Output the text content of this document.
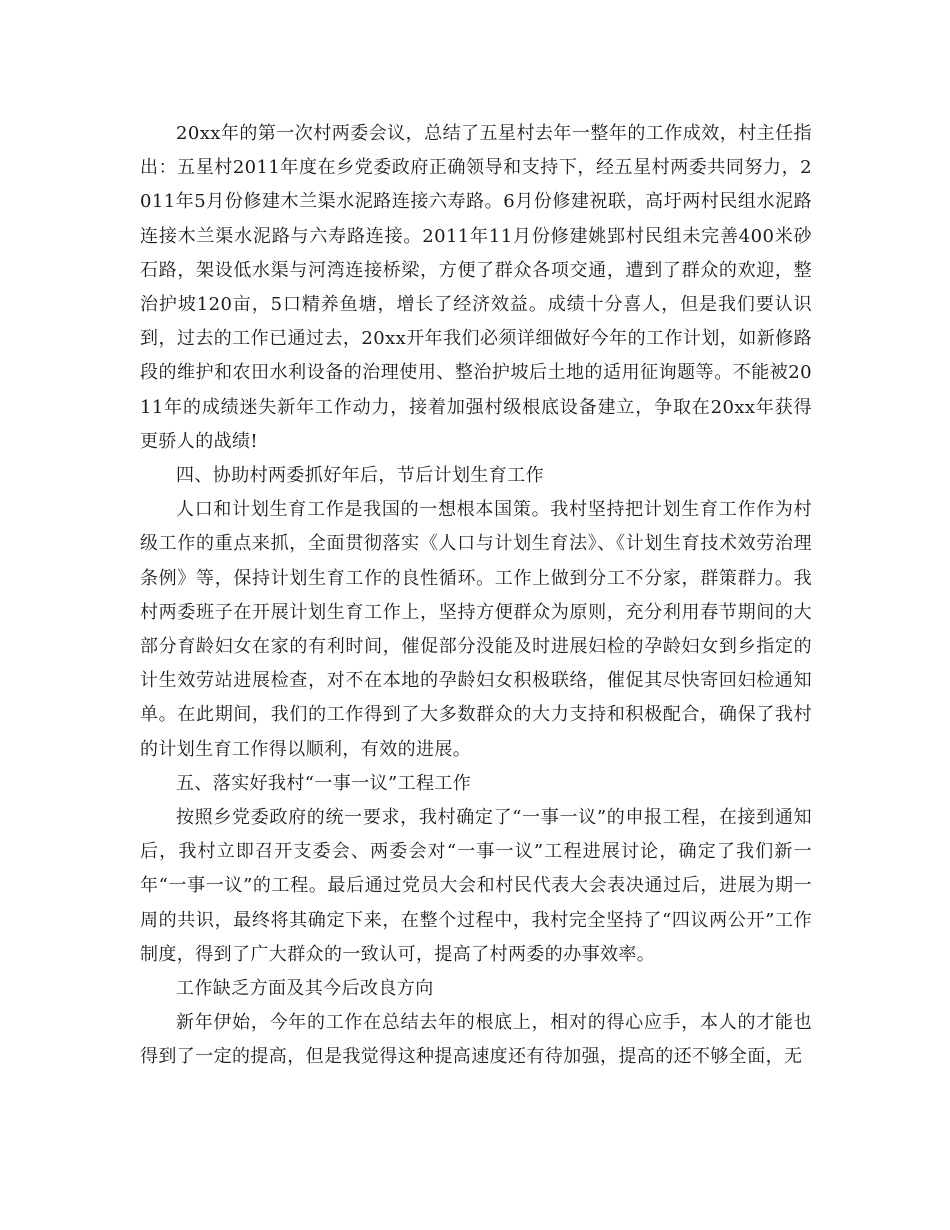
20xx年的第一次村两委会议，总结了五星村去年一整年的工作成效，村主任指出：五星村2011年度在乡党委政府正确领导和支持下，经五星村两委共同努力，2011年5月份修建木兰渠水泥路连接六寿路。6月份修建祝联，高圩两村民组水泥路连接木兰渠水泥路与六寿路连接。2011年11月份修建姚郢村民组未完善400米砂石路，架设低水渠与河湾连接桥梁，方便了群众各项交通，遭到了群众的欢迎，整治护坡120亩，5口精养鱼塘，增长了经济效益。成绩十分喜人，但是我们要认识到，过去的工作已通过去，20xx开年我们必须详细做好今年的工作计划，如新修路段的维护和农田水利设备的治理使用、整治护坡后土地的适用征询题等。不能被2011年的成绩迷失新年工作动力，接着加强村级根底设备建立，争取在20xx年获得更骄人的战绩!

四、协助村两委抓好年后，节后计划生育工作

人口和计划生育工作是我国的一想根本国策。我村坚持把计划生育工作作为村级工作的重点来抓，全面贯彻落实《人口与计划生育法》、《计划生育技术效劳治理条例》等，保持计划生育工作的良性循环。工作上做到分工不分家，群策群力。我村两委班子在开展计划生育工作上，坚持方便群众为原则，充分利用春节期间的大部分育龄妇女在家的有利时间，催促部分没能及时进展妇检的孕龄妇女到乡指定的计生效劳站进展检查，对不在本地的孕龄妇女积极联络，催促其尽快寄回妇检通知单。在此期间，我们的工作得到了大多数群众的大力支持和积极配合，确保了我村的计划生育工作得以顺利，有效的进展。

五、落实好我村“一事一议”工程工作

按照乡党委政府的统一要求，我村确定了“一事一议”的申报工程，在接到通知后，我村立即召开支委会、两委会对“一事一议”工程进展讨论，确定了我们新一年“一事一议”的工程。最后通过党员大会和村民代表大会表决通过后，进展为期一周的共识，最终将其确定下来，在整个过程中，我村完全坚持了“四议两公开”工作制度，得到了广大群众的一致认可，提高了村两委的办事效率。

工作缺乏方面及其今后改良方向

新年伊始，今年的工作在总结去年的根底上，相对的得心应手，本人的才能也得到了一定的提高，但是我觉得这种提高速度还有待加强，提高的还不够全面，无
